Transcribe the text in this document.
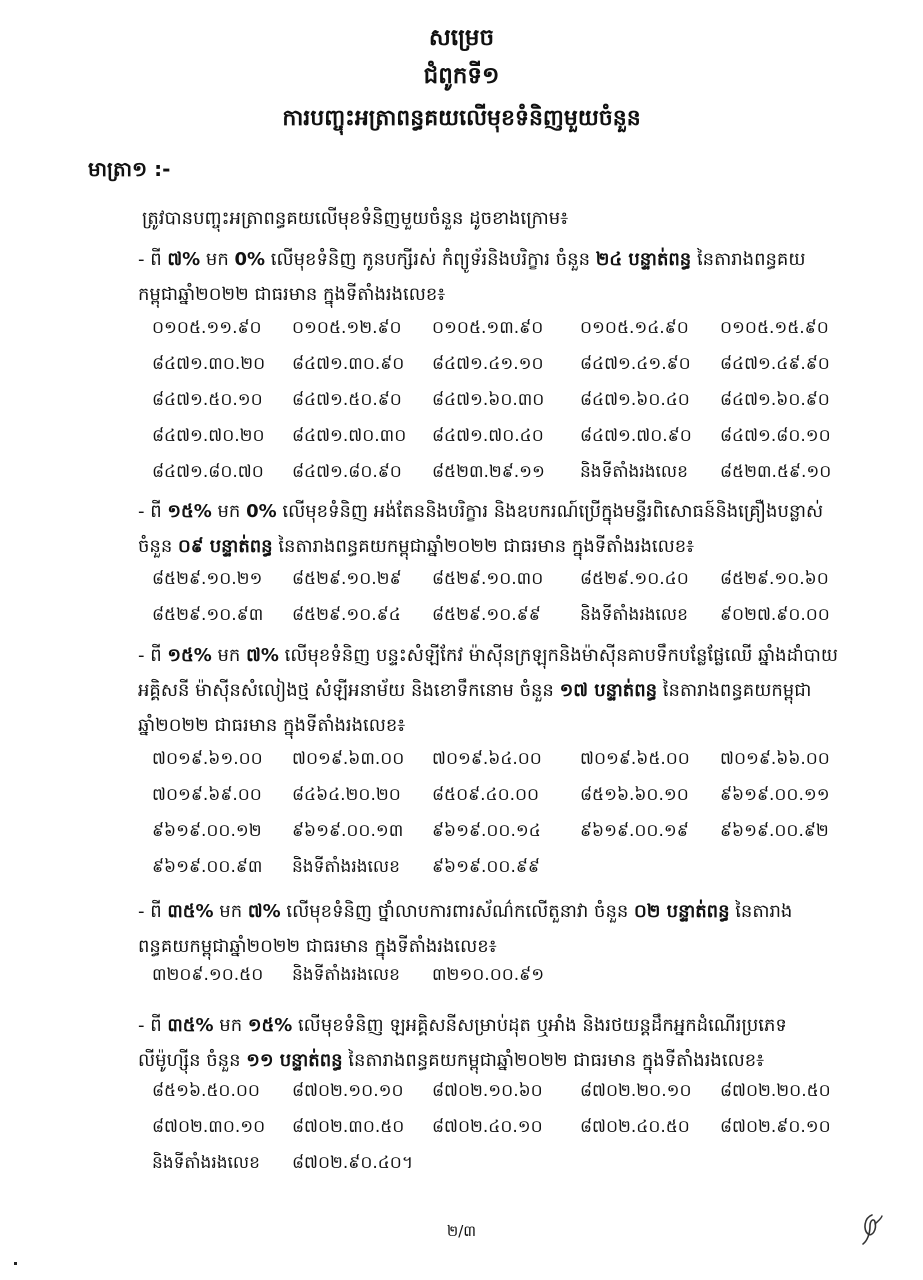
សម្រេច
ជំពូកទី១
ការបញ្ចុះអត្រាពន្ធគយលើមុខទំនិញមួយចំនួន
មាត្រា១ :-
ត្រូវបានបញ្ចុះអត្រាពន្ធគយលើមុខទំនិញមួយចំនួន ដូចខាងក្រោម៖
- ពី ៧% មក 0% លើមុខទំនិញ កូនបក្សីរស់ កំព្យូទ័រនិងបរិក្ខារ ចំនួន ២៤ បន្ទាត់ពន្ធ នៃតារាងពន្ធគយកម្ពុជាឆ្នាំ២០២២ ជាធរមាន ក្នុងទីតាំងរងលេខ៖
០១០៥.១១.៩០ ០១០៥.១២.៩០ ០១០៥.១៣.៩០ ០១០៥.១៤.៩០ ០១០៥.១៥.៩០
៨៤៧១.៣០.២០ ៨៤៧១.៣០.៩០ ៨៤៧១.៤១.១០ ៨៤៧១.៤១.៩០ ៨៤៧១.៤៩.៩០
៨៤៧១.៥០.១០ ៨៤៧១.៥០.៩០ ៨៤៧១.៦០.៣០ ៨៤៧១.៦០.៤០ ៨៤៧១.៦០.៩០
៨៤៧១.៧០.២០ ៨៤៧១.៧០.៣០ ៨៤៧១.៧០.៤០ ៨៤៧១.៧០.៩០ ៨៤៧១.៨០.១០
៨៤៧១.៨០.៧០ ៨៤៧១.៨០.៩០ ៨៥២៣.២៩.១១ និងទីតាំងរងលេខ ៨៥២៣.៥៩.១០
- ពី ១៥% មក 0% លើមុខទំនិញ អង់តែននិងបរិក្ខារ និងឧបករណ៍ប្រើក្នុងមន្ទីរពិសោធន៍និងគ្រឿងបន្លាស់ ចំនួន ០៩ បន្ទាត់ពន្ធ នៃតារាងពន្ធគយកម្ពុជាឆ្នាំ២០២២ ជាធរមាន ក្នុងទីតាំងរងលេខ៖
៨៥២៩.១០.២១ ៨៥២៩.១០.២៩ ៨៥២៩.១០.៣០ ៨៥២៩.១០.៤០ ៨៥២៩.១០.៦០
៨៥២៩.១០.៩៣ ៨៥២៩.១០.៩៤ ៨៥២៩.១០.៩៩ និងទីតាំងរងលេខ ៩០២៧.៩០.០០
- ពី ១៥% មក ៧% លើមុខទំនិញ បន្ទះសំឡីកែវ ម៉ាស៊ីនក្រឡុកនិងម៉ាស៊ីនគាបទឹកបន្លែផ្លែឈើ ឆ្នាំងដាំបាយអគ្គិសនី ម៉ាស៊ីនសំលៀងថ្ម សំឡីអនាម័យ និងខោទឹកនោម ចំនួន ១៧ បន្ទាត់ពន្ធ នៃតារាងពន្ធគយកម្ពុជាឆ្នាំ២០២២ ជាធរមាន ក្នុងទីតាំងរងលេខ៖
៧០១៩.៦១.០០ ៧០១៩.៦៣.០០ ៧០១៩.៦៤.០០ ៧០១៩.៦៥.០០ ៧០១៩.៦៦.០០
៧០១៩.៦៩.០០ ៨៤៦៤.២០.២០ ៨៥០៩.៤០.០០ ៨៥១៦.៦០.១០ ៩៦១៩.០០.១១
៩៦១៩.០០.១២ ៩៦១៩.០០.១៣ ៩៦១៩.០០.១៤ ៩៦១៩.០០.១៩ ៩៦១៩.០០.៩២
៩៦១៩.០០.៩៣ និងទីតាំងរងលេខ ៩៦១៩.០០.៩៩
- ពី ៣៥% មក ៧% លើមុខទំនិញ ថ្នាំលាបការពារស័ណ៌កលើតួនាវា ចំនួន ០២ បន្ទាត់ពន្ធ នៃតារាងពន្ធគយកម្ពុជាឆ្នាំ២០២២ ជាធរមាន ក្នុងទីតាំងរងលេខ៖
៣២០៩.១០.៥០ និងទីតាំងរងលេខ ៣២១០.០០.៩១
- ពី ៣៥% មក ១៥% លើមុខទំនិញ ឡអគ្គិសនីសម្រាប់ដុត ឬអាំង និងរថយន្តដឹកអ្នកដំណើរប្រភេទលីម៉ូហ្ស៊ីន ចំនួន ១១ បន្ទាត់ពន្ធ នៃតារាងពន្ធគយកម្ពុជាឆ្នាំ២០២២ ជាធរមាន ក្នុងទីតាំងរងលេខ៖
៨៥១៦.៥០.០០ ៨៧០២.១០.១០ ៨៧០២.១០.៦០ ៨៧០២.២០.១០ ៨៧០២.២០.៥០
៨៧០២.៣០.១០ ៨៧០២.៣០.៥០ ៨៧០២.៤០.១០ ៨៧០២.៤០.៥០ ៨៧០២.៩០.១០
និងទីតាំងរងលេខ ៨៧០២.៩០.៤០។
២/៣
